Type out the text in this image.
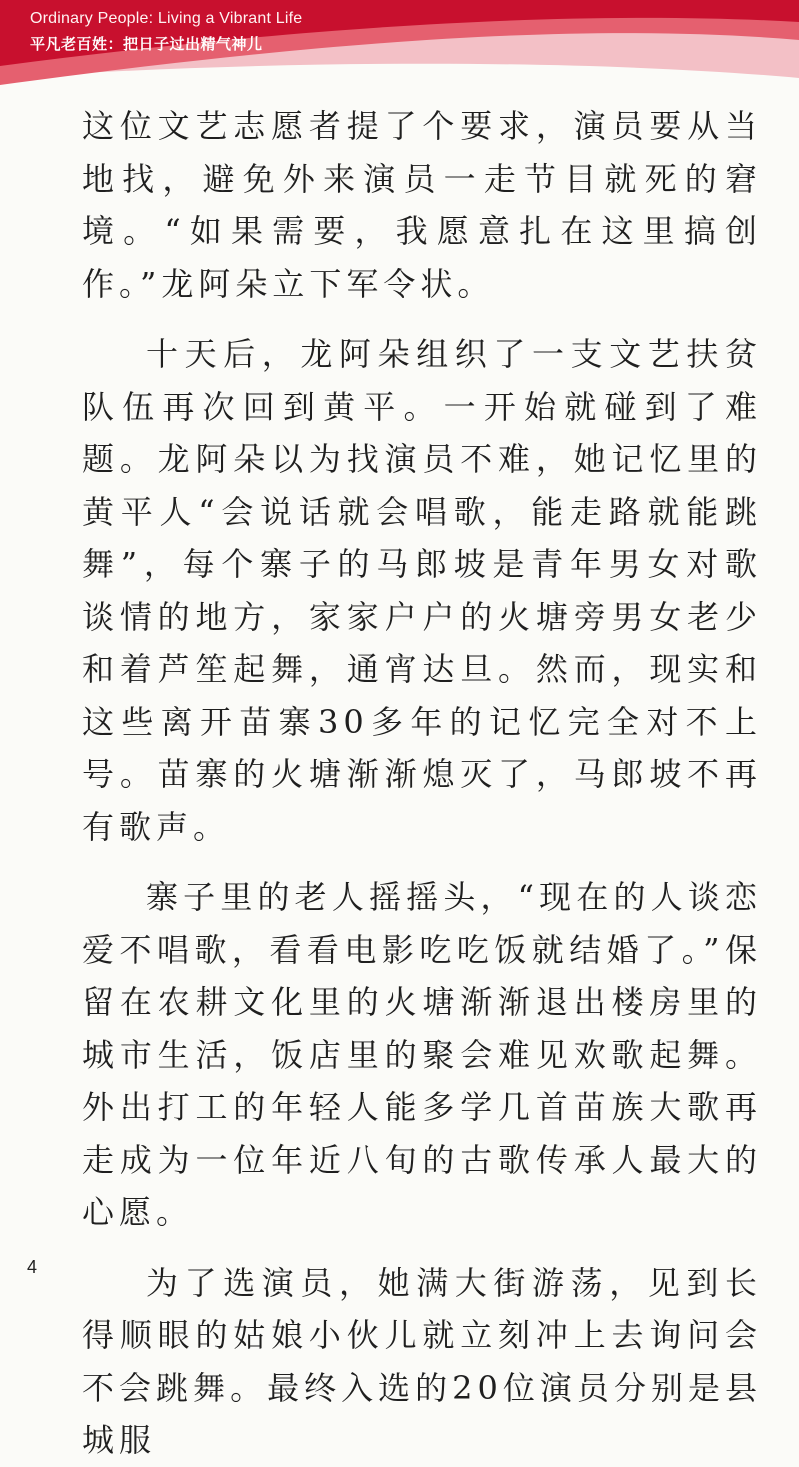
Ordinary People: Living a Vibrant Life
平凡老百姓：把日子过出精气神儿

这位文艺志愿者提了个要求，演员要从当地找，避免外来演员一走节目就死的窘境。“如果需要，我愿意扎在这里搞创作。”龙阿朵立下军令状。

十天后，龙阿朵组织了一支文艺扶贫队伍再次回到黄平。一开始就碰到了难题。龙阿朵以为找演员不难，她记忆里的黄平人“会说话就会唱歌，能走路就能跳舞”，每个寨子的马郎坡是青年男女对歌谈情的地方，家家户户的火塘旁男女老少和着芦笙起舞，通宵达旦。然而，现实和这些离开苗寨30多年的记忆完全对不上号。苗寨的火塘渐渐熄灭了，马郎坡不再有歌声。

寨子里的老人摇摇头，“现在的人谈恋爱不唱歌，看看电影吃吃饭就结婚了。”保留在农耕文化里的火塘渐渐退出楼房里的城市生活，饭店里的聚会难见欢歌起舞。外出打工的年轻人能多学几首苗族大歌再走成为一位年近八旬的古歌传承人最大的心愿。

为了选演员，她满大街游荡，见到长得顺眼的姑娘小伙儿就立刻冲上去询问会不会跳舞。最终入选的20位演员分别是县城服

4
